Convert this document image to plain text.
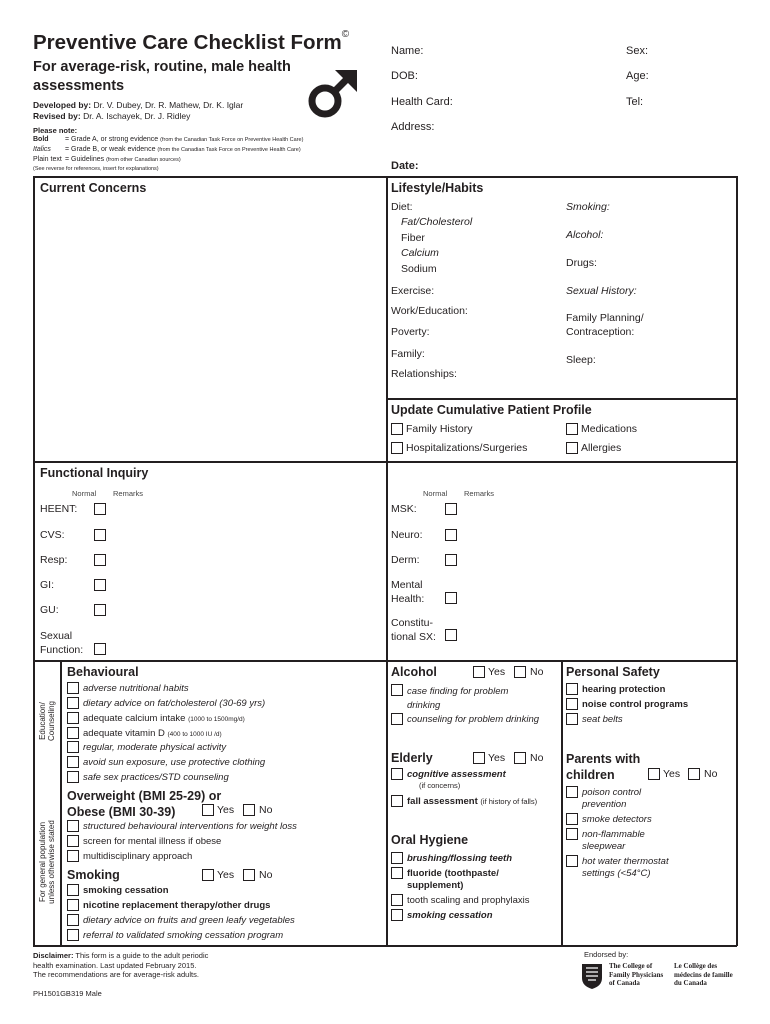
Preventive Care Checklist Form©
For average-risk, routine, male health assessments
Developed by: Dr. V. Dubey, Dr. R. Mathew, Dr. K. Iglar
Revised by: Dr. A. Ischayek, Dr. J. Ridley
Please note:
Bold = Grade A, or strong evidence (from the Canadian Task Force on Preventive Health Care)
Italics = Grade B, or weak evidence (from the Canadian Task Force on Preventive Health Care)
Plain text = Guidelines (from other Canadian sources)
(See reverse for references, insert for explanations)
Name:	Sex:
DOB:	Age:
Health Card:	Tel:
Address:
Date:
Current Concerns	Lifestyle/Habits
Diet:
Fat/Cholesterol
Fiber
Calcium
Sodium
Exercise:
Work/Education:
Poverty:
Family:
Relationships:
Smoking:
Alcohol:
Drugs:
Sexual History:
Family Planning/
Contraception:
Sleep:
Update Cumulative Patient Profile
Family History	Medications
Hospitalizations/Surgeries	Allergies
Functional Inquiry
Normal Remarks	Normal Remarks
HEENT:
CVS:
Resp:
GI:
GU:
Sexual
Function:
MSK:
Neuro:
Derm:
Mental
Health:
Constitu-
tional SX:
Education/ Counseling
For general population unless otherwise stated
Behavioural
adverse nutritional habits
dietary advice on fat/cholesterol (30-69 yrs)
adequate calcium intake (1000 to 1500mg/d)
adequate vitamin D (400 to 1000 IU /d)
regular, moderate physical activity
avoid sun exposure, use protective clothing
safe sex practices/STD counseling
Overweight (BMI 25-29) or
Obese (BMI 30-39)	Yes No
structured behavioural interventions for weight loss
screen for mental illness if obese
multidisciplinary approach
Smoking	Yes No
smoking cessation
nicotine replacement therapy/other drugs
dietary advice on fruits and green leafy vegetables
referral to validated smoking cessation program
Alcohol	Yes No
case finding for problem
drinking
counseling for problem drinking
Elderly	Yes No
cognitive assessment
(if concerns)
fall assessment (if history of falls)
Oral Hygiene
brushing/flossing teeth
fluoride (toothpaste/
supplement)
tooth scaling and prophylaxis
smoking cessation
Personal Safety
hearing protection
noise control programs
seat belts
Parents with
children	Yes No
poison control
prevention
smoke detectors
non-flammable
sleepwear
hot water thermostat
settings (<54°C)
Disclaimer: This form is a guide to the adult periodic
health examination. Last updated February 2015.
The recommendations are for average-risk adults.
PH1501GB319 Male
Endorsed by:
The College of
Family Physicians
of Canada
Le Collège des
médecins de famille
du Canada
